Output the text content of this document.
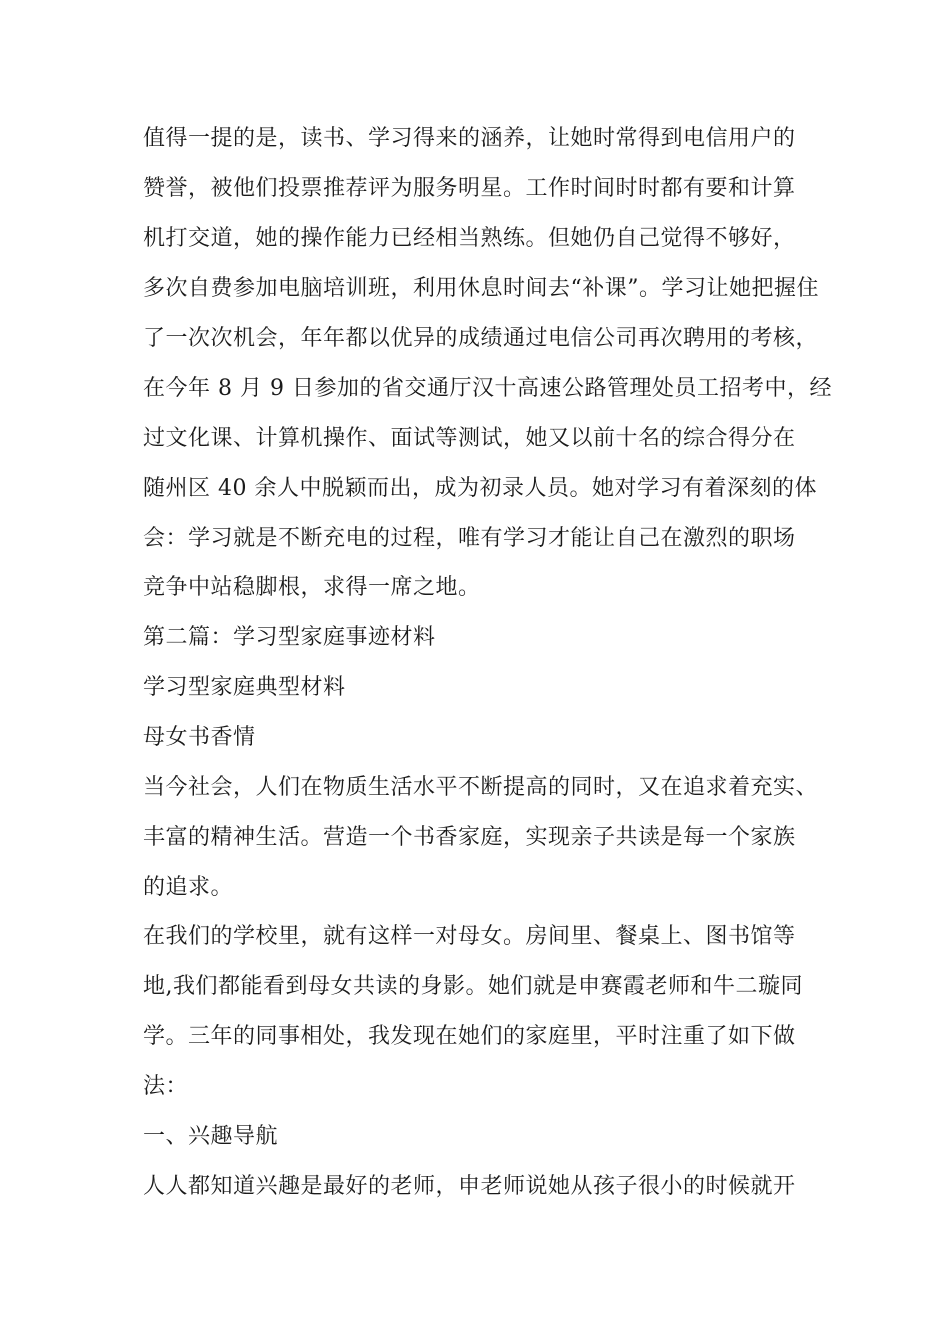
值得一提的是，读书、学习得来的涵养，让她时常得到电信用户的
赞誉，被他们投票推荐评为服务明星。工作时间时时都有要和计算
机打交道，她的操作能力已经相当熟练。但她仍自己觉得不够好，
多次自费参加电脑培训班，利用休息时间去“补课”。学习让她把握住
了一次次机会，年年都以优异的成绩通过电信公司再次聘用的考核，
在今年 8 月 9 日参加的省交通厅汉十高速公路管理处员工招考中，经
过文化课、计算机操作、面试等测试，她又以前十名的综合得分在
随州区 40 余人中脱颖而出，成为初录人员。她对学习有着深刻的体
会：学习就是不断充电的过程，唯有学习才能让自己在激烈的职场
竞争中站稳脚根，求得一席之地。
第二篇：学习型家庭事迹材料
学习型家庭典型材料
母女书香情
当今社会，人们在物质生活水平不断提高的同时，又在追求着充实、
丰富的精神生活。营造一个书香家庭，实现亲子共读是每一个家族
的追求。
在我们的学校里，就有这样一对母女。房间里、餐桌上、图书馆等
地,我们都能看到母女共读的身影。她们就是申赛霞老师和牛二璇同
学。三年的同事相处，我发现在她们的家庭里，平时注重了如下做
法：
一、兴趣导航
人人都知道兴趣是最好的老师，申老师说她从孩子很小的时候就开
